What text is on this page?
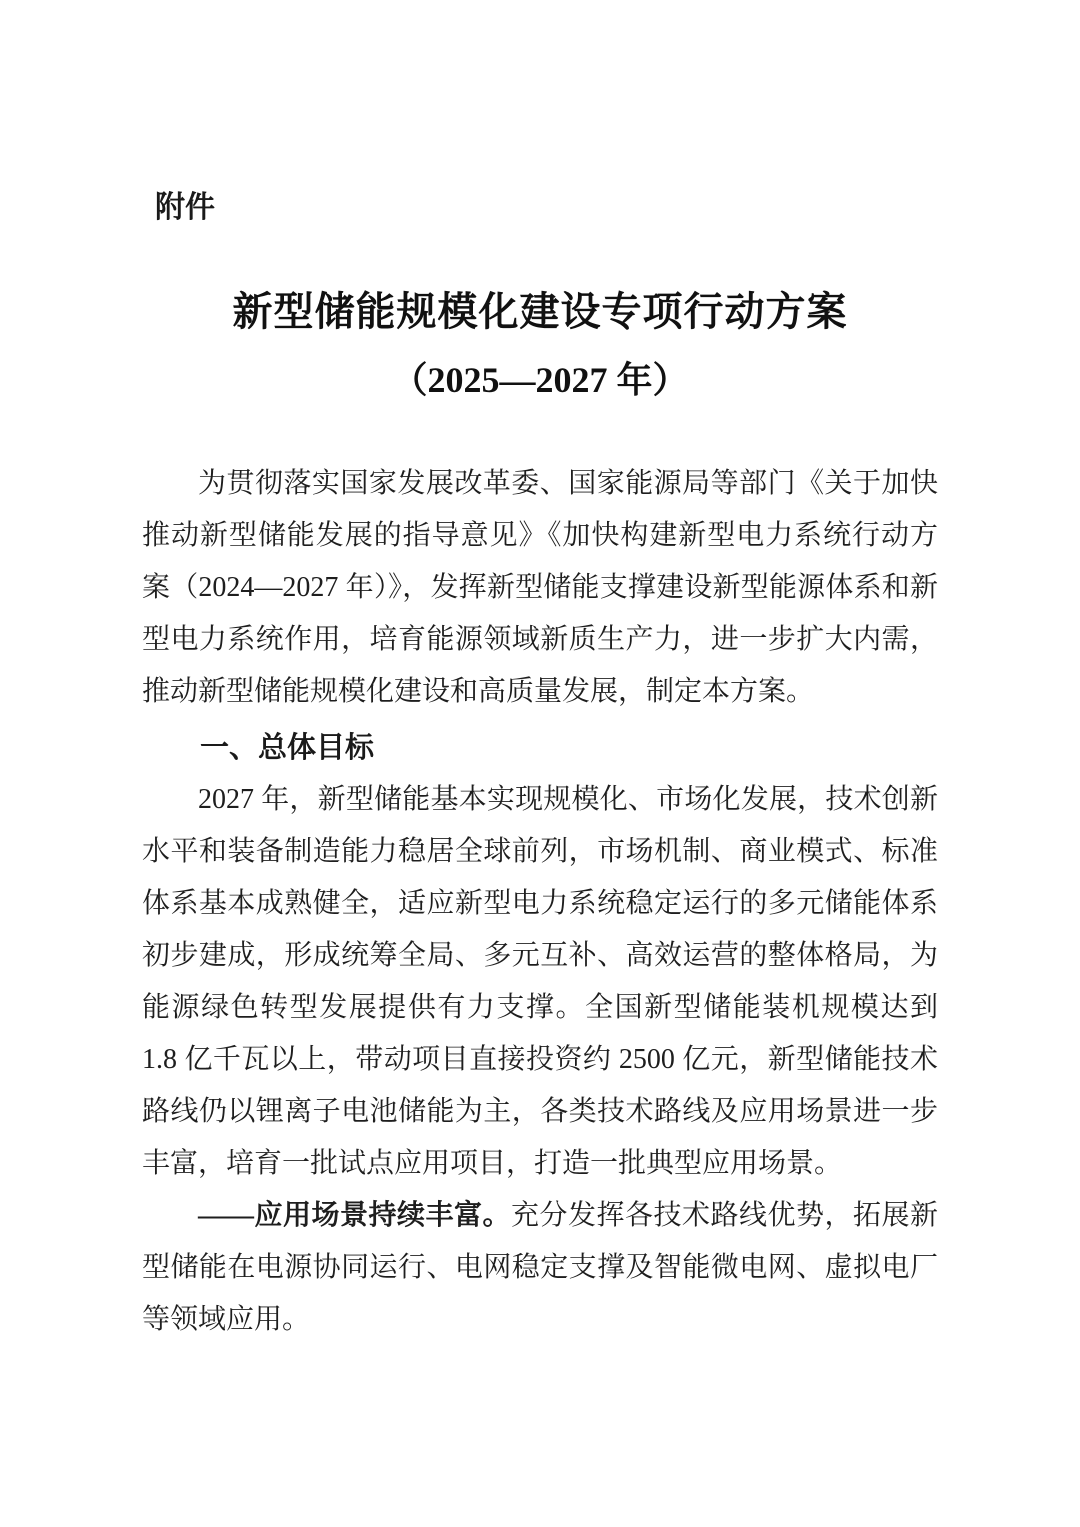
附件
新型储能规模化建设专项行动方案
（2025—2027 年）

为贯彻落实国家发展改革委、国家能源局等部门《关于加快推动新型储能发展的指导意见》《加快构建新型电力系统行动方案（2024—2027 年）》，发挥新型储能支撑建设新型能源体系和新型电力系统作用，培育能源领域新质生产力，进一步扩大内需，推动新型储能规模化建设和高质量发展，制定本方案。

一、总体目标

2027 年，新型储能基本实现规模化、市场化发展，技术创新水平和装备制造能力稳居全球前列，市场机制、商业模式、标准体系基本成熟健全，适应新型电力系统稳定运行的多元储能体系初步建成，形成统筹全局、多元互补、高效运营的整体格局，为能源绿色转型发展提供有力支撑。全国新型储能装机规模达到 1.8 亿千瓦以上，带动项目直接投资约 2500 亿元，新型储能技术路线仍以锂离子电池储能为主，各类技术路线及应用场景进一步丰富，培育一批试点应用项目，打造一批典型应用场景。

——应用场景持续丰富。充分发挥各技术路线优势，拓展新型储能在电源协同运行、电网稳定支撑及智能微电网、虚拟电厂等领域应用。
